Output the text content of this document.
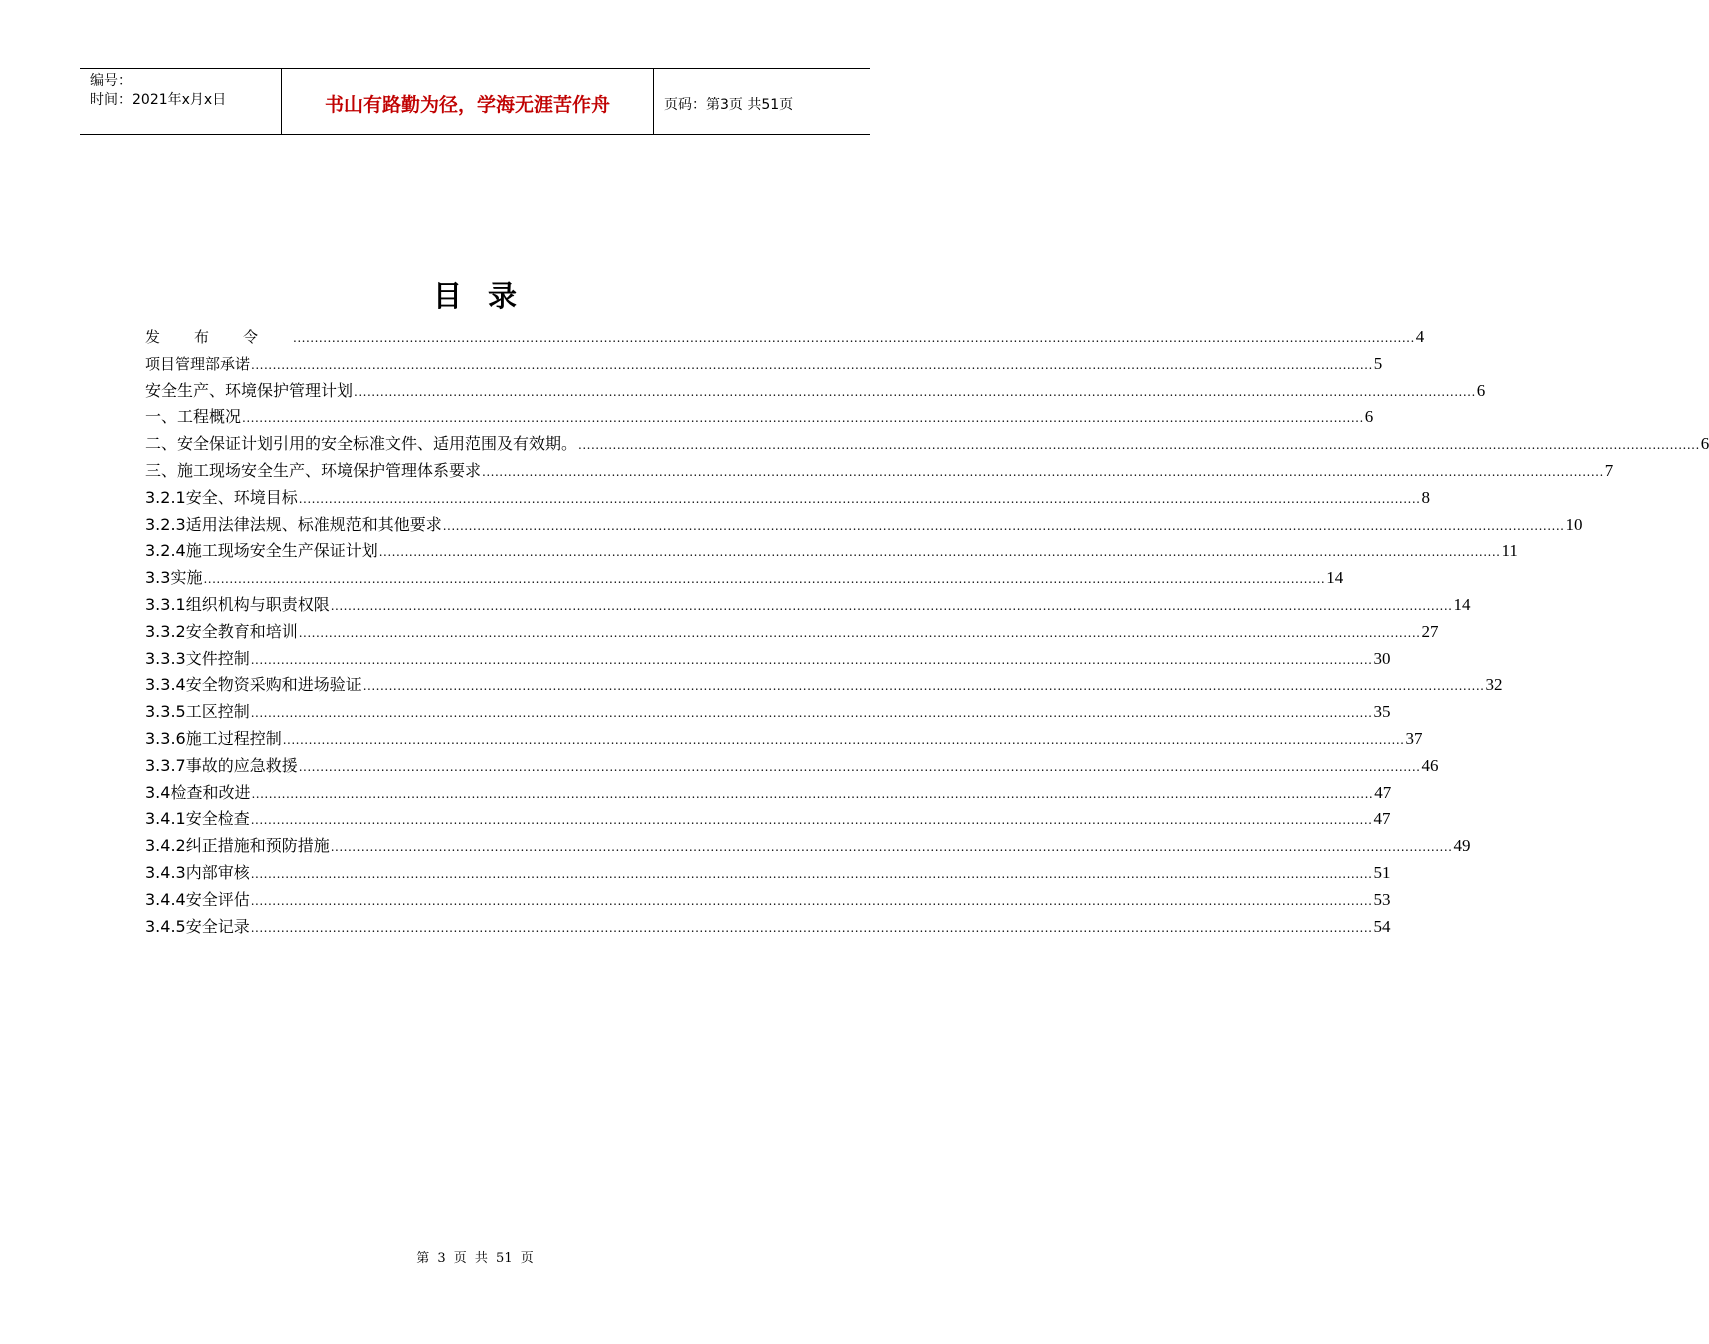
编号：
时间：2021年x月x日	书山有路勤为径，学海无涯苦作舟	页码：第3页 共51页
目录
发布令 .................................................................................................................................................................................................................................................................... 4
项目管理部承诺 .................................................................................................................................................................................................................................................................... 5
安全生产、环境保护管理计划 .................................................................................................................................................................................................................................................................... 6
一、工程概况 .................................................................................................................................................................................................................................................................... 6
二、安全保证计划引用的安全标准文件、适用范围及有效期。 .................................................................................................................................................................................................................................................................... 6
三、施工现场安全生产、环境保护管理体系要求 .................................................................................................................................................................................................................................................................... 7
3.2.1安全、环境目标 .................................................................................................................................................................................................................................................................... 8
3.2.3适用法律法规、标准规范和其他要求 .................................................................................................................................................................................................................................................................... 10
3.2.4施工现场安全生产保证计划 .................................................................................................................................................................................................................................................................... 11
3.3实施 .................................................................................................................................................................................................................................................................... 14
3.3.1组织机构与职责权限 .................................................................................................................................................................................................................................................................... 14
3.3.2安全教育和培训 .................................................................................................................................................................................................................................................................... 27
3.3.3文件控制 .................................................................................................................................................................................................................................................................... 30
3.3.4安全物资采购和进场验证 .................................................................................................................................................................................................................................................................... 32
3.3.5工区控制 .................................................................................................................................................................................................................................................................... 35
3.3.6施工过程控制 .................................................................................................................................................................................................................................................................... 37
3.3.7事故的应急救援 .................................................................................................................................................................................................................................................................... 46
3.4检查和改进 .................................................................................................................................................................................................................................................................... 47
3.4.1安全检查 .................................................................................................................................................................................................................................................................... 47
3.4.2纠正措施和预防措施 .................................................................................................................................................................................................................................................................... 49
3.4.3内部审核 .................................................................................................................................................................................................................................................................... 51
3.4.4安全评估 .................................................................................................................................................................................................................................................................... 53
3.4.5安全记录 .................................................................................................................................................................................................................................................................... 54
第 3 页 共 51 页
